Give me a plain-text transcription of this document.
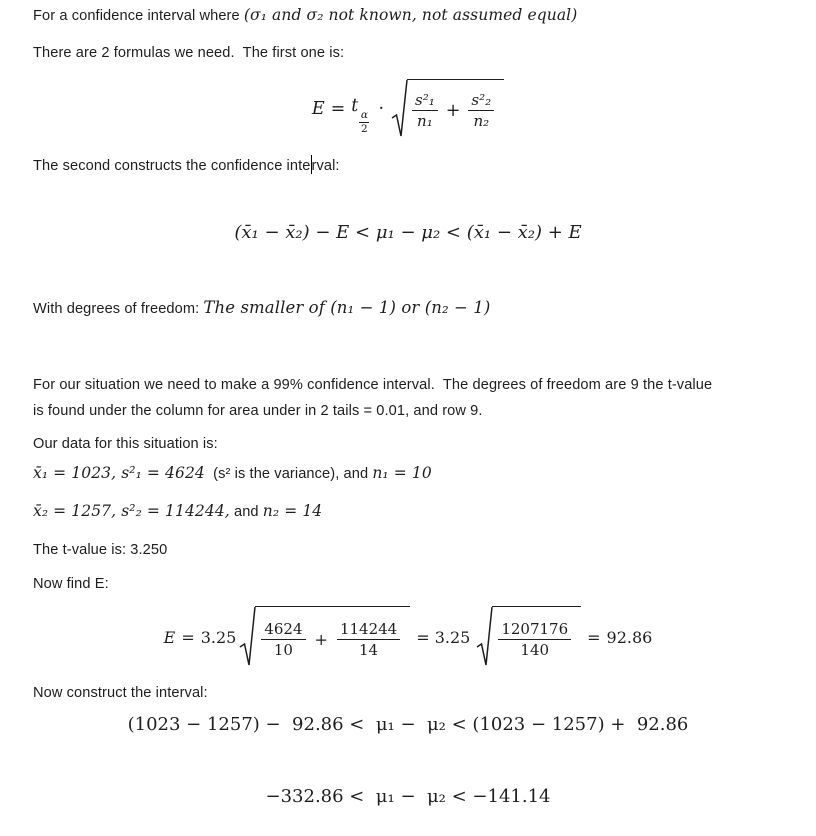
For a confidence interval where (σ₁ and σ₂ not known, not assumed equal)
There are 2 formulas we need.  The first one is:
E = t α
2
· $\frac{\text{s²₁}}{\text{n₁}} + \frac{\text{s²₂}}{\text{n₂}}$
The second constructs the confidence interval:
(x̄₁ − x̄₂) − E < μ₁ − μ₂ < (x̄₁ − x̄₂) + E
With degrees of freedom: The smaller of (n₁ − 1) or (n₂ − 1)
For our situation we need to make a 99% confidence interval.  The degrees of freedom are 9 the t-value
is found under the column for area under in 2 tails = 0.01, and row 9.
Our data for this situation is:
x̄₁ = 1023, s²₁ = 4624  (s² is the variance), and n₁ = 10
x̄₂ = 1257, s²₂ = 114244, and n₂ = 14
The t-value is: 3.250
Now find E:
$E = 3.25 \frac{4624}{10} + \frac{114244}{14} = 3.25 \frac{1207176}{140} = 92.86$
Now construct the interval:
(1023 − 1257) −  92.86 <  μ₁ −  μ₂ < (1023 − 1257) +  92.86
−332.86 <  μ₁ −  μ₂ < −141.14
